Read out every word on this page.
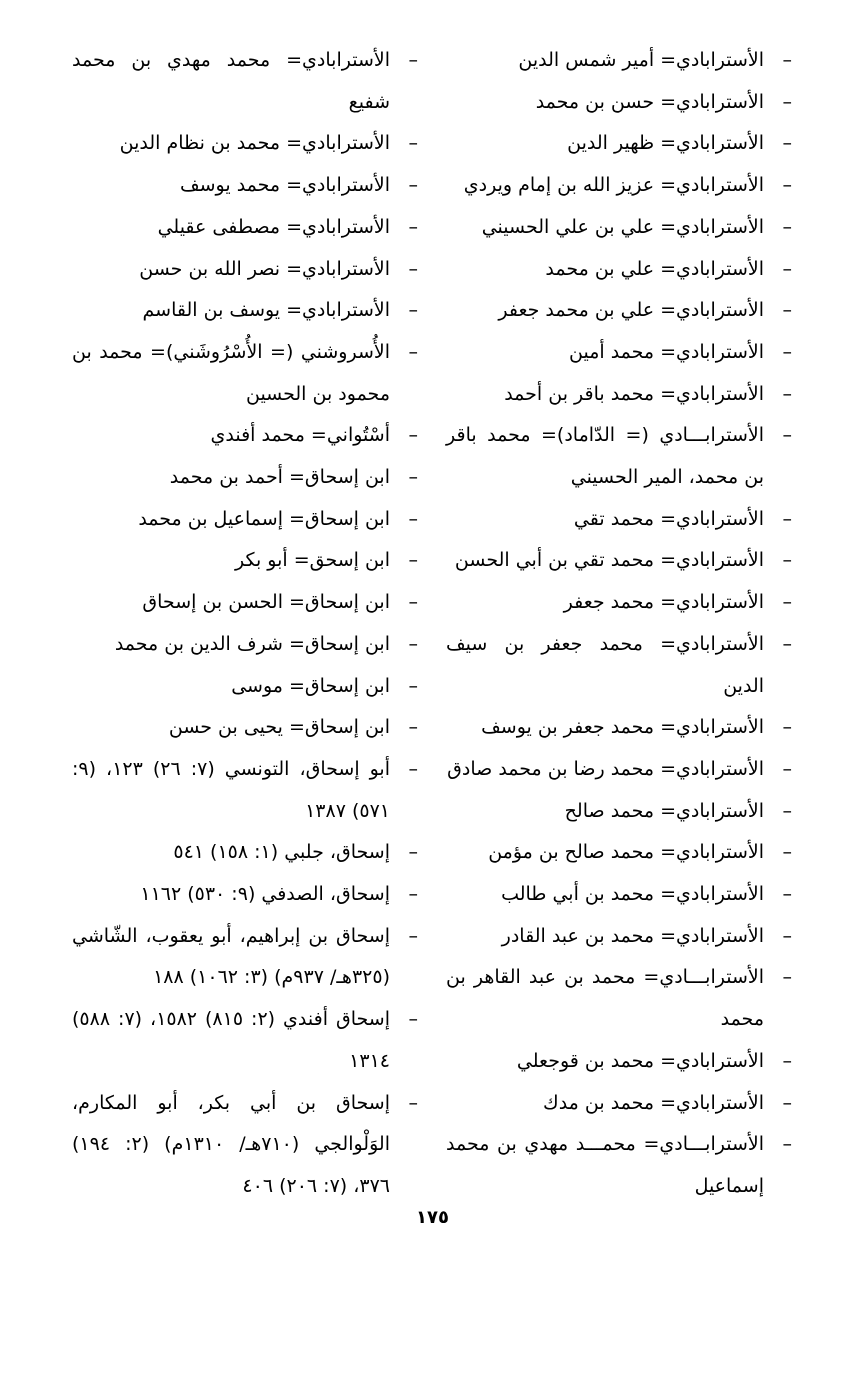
–
الأسترابادي= أمير شمس الدين

–
الأسترابادي= حسن بن محمد

–
الأسترابادي= ظهير الدين

–
الأسترابادي= عزيز الله بن إمام ويردي

–
الأسترابادي= علي بن علي الحسيني

–
الأسترابادي= علي بن محمد

–
الأسترابادي= علي بن محمد جعفر

–
الأسترابادي= محمد أمين

–
الأسترابادي= محمد باقر بن أحمد

–
الأسترابـــادي (= الدّاماد)= محمد باقر بن محمد، المير الحسيني

–
الأسترابادي= محمد تقي

–
الأسترابادي= محمد تقي بن أبي الحسن

–
الأسترابادي= محمد جعفر

–
الأسترابادي= محمد جعفر بن سيف الدين

–
الأسترابادي= محمد جعفر بن يوسف

–
الأسترابادي= محمد رضا بن محمد صادق

–
الأسترابادي= محمد صالح

–
الأسترابادي= محمد صالح بن مؤمن

–
الأسترابادي= محمد بن أبي طالب

–
الأسترابادي= محمد بن عبد القادر

–
الأسترابـــادي= محمد بن عبد القاهر بن محمد

–
الأسترابادي= محمد بن قوجعلي

–
الأسترابادي= محمد بن مدك

–
الأسترابـــادي= محمـــد مهدي بن محمد إسماعيل

–
الأسترابادي= محمد مهدي بن محمد شفيع

–
الأسترابادي= محمد بن نظام الدين

–
الأسترابادي= محمد يوسف

–
الأسترابادي= مصطفى عقيلي

–
الأسترابادي= نصر الله بن حسن

–
الأسترابادي= يوسف بن القاسم

–
الأُسروشني (= الأُسْرُوشَني)= محمد بن محمود بن الحسين

–
أسْتُواني= محمد أفندي

–
ابن إسحاق= أحمد بن محمد

–
ابن إسحاق= إسماعيل بن محمد

–
ابن إسحق= أبو بكر

–
ابن إسحاق= الحسن بن إسحاق

–
ابن إسحاق= شرف الدين بن محمد

–
ابن إسحاق= موسى

–
ابن إسحاق= يحيى بن حسن

–
أبو إسحاق، التونسي (٧: ٢٦) ١٢٣، (٩: ٥٧١) ١٣٨٧

–
إسحاق، جلبي (١: ١٥٨) ٥٤١

–
إسحاق، الصدفي (٩: ٥٣٠) ١١٦٢

–
إسحاق بن إبراهيم، أبو يعقوب، الشّاشي (٣٢٥هـ/ ٩٣٧م) (٣: ١٠٦٢) ١٨٨

–
إسحاق أفندي (٢: ٨١٥) ١٥٨٢، (٧: ٥٨٨) ١٣١٤

–
إسحاق بن أبي بكر، أبو المكارم، الوَلْوالجي (٧١٠هـ/ ١٣١٠م) (٢: ١٩٤) ٣٧٦، (٧: ٢٠٦) ٤٠٦

١٧٥
